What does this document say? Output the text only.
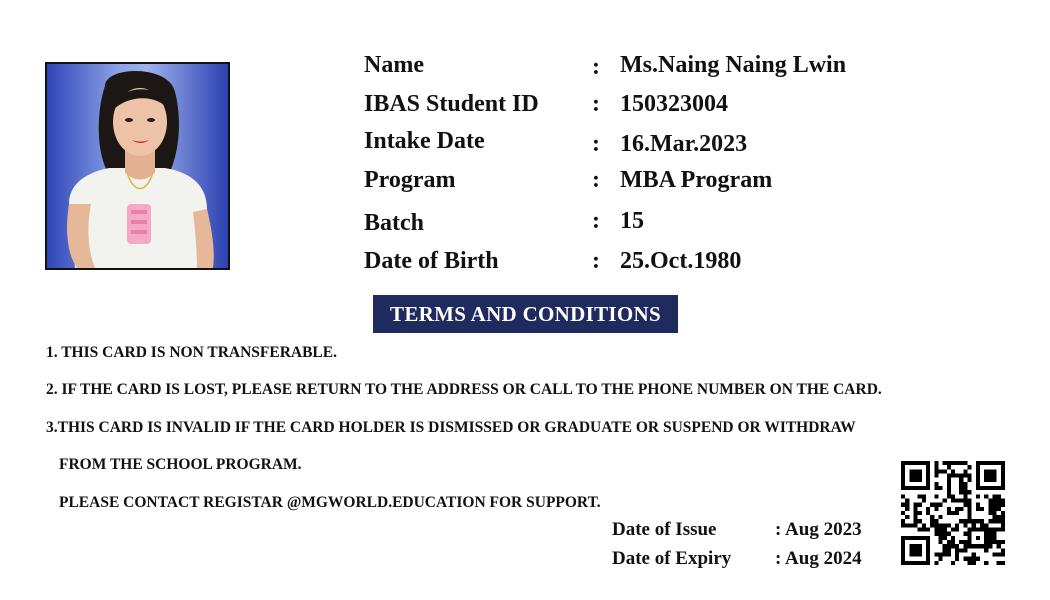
Name	: Ms.Naing Naing Lwin
IBAS Student ID : 150323004
Intake Date	: 16.Mar.2023
Program	: MBA Program
Batch	: 15
Date of Birth	: 25.Oct.1980
TERMS AND CONDITIONS
1. THIS CARD IS NON TRANSFERABLE.
2. IF THE CARD IS LOST, PLEASE RETURN TO THE ADDRESS OR CALL TO THE PHONE NUMBER ON THE CARD.
3.THIS CARD IS INVALID IF THE CARD HOLDER IS DISMISSED OR GRADUATE OR SUSPEND OR WITHDRAW
FROM THE SCHOOL PROGRAM.
PLEASE CONTACT REGISTAR @MGWORLD.EDUCATION FOR SUPPORT.
Date of Issue	: Aug 2023
Date of Expiry : Aug 2024
